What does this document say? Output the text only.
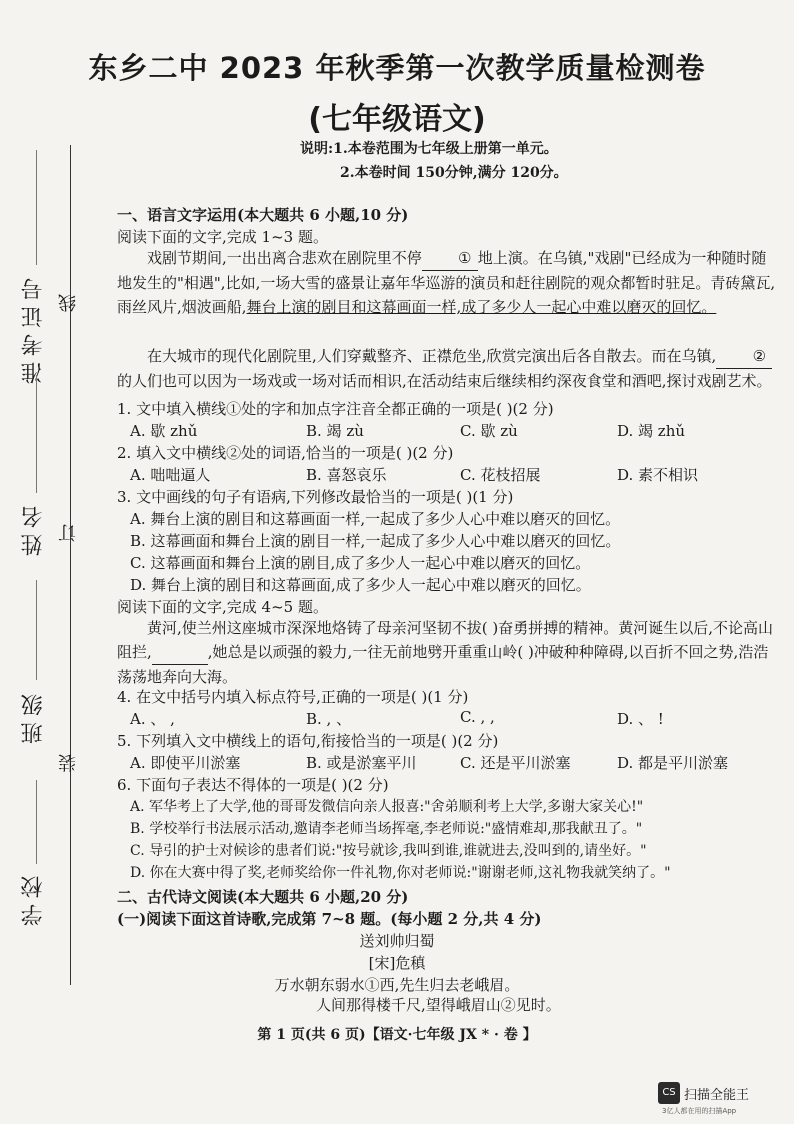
东乡二中 2023 年秋季第一次教学质量检测卷
(七年级语文)
说明:1.本卷范围为七年级上册第一单元。
2.本卷时间 150分钟,满分 120分。
准考证号 线
姓名 订
班级
装
学校
一、语言文字运用(本大题共 6 小题,10 分)
阅读下面的文字,完成 1~3 题。
戏剧节期间,一出出离合悲欢在剧院里不停 ① 地上演。在乌镇,"戏剧"已经成为一种随时随地发生的"相遇",比如,一场大雪的盛景让嘉年华巡游的演员和赶往剧院的观众都暂时驻足。青砖黛瓦,雨丝风片,烟波画船,舞台上演的剧目和这幕画面一样,成了多少人一起心中难以磨灭的回忆。
在大城市的现代化剧院里,人们穿戴整齐、正襟危坐,欣赏完演出后各自散去。而在乌镇, ②的人们也可以因为一场戏或一场对话而相识,在活动结束后继续相约深夜食堂和酒吧,探讨戏剧艺术。
1. 文中填入横线①处的字和加点字注音全都正确的一项是( )(2 分)
A. 歇 zhǔ	B. 竭 zù	C. 歇 zù	D. 竭 zhǔ
2. 填入文中横线②处的词语,恰当的一项是( )(2 分)
A. 咄咄逼人	B. 喜怒哀乐	C. 花枝招展	D. 素不相识
3. 文中画线的句子有语病,下列修改最恰当的一项是( )(1 分)
A. 舞台上演的剧目和这幕画面一样,一起成了多少人心中难以磨灭的回忆。
B. 这幕画面和舞台上演的剧目一样,一起成了多少人心中难以磨灭的回忆。
C. 这幕画面和舞台上演的剧目,成了多少人一起心中难以磨灭的回忆。
D. 舞台上演的剧目和这幕画面,成了多少人一起心中难以磨灭的回忆。
阅读下面的文字,完成 4~5 题。
黄河,使兰州这座城市深深地烙铸了母亲河坚韧不拔( )奋勇拼搏的精神。黄河诞生以后,不论高山阻拦,	,她总是以顽强的毅力,一往无前地劈开重重山岭( )冲破种种障碍,以百折不回之势,浩浩荡荡地奔向大海。
4. 在文中括号内填入标点符号,正确的一项是( )(1 分)
A. 、 ,	B. , 、	C. , ,	D. 、 !
5. 下列填入文中横线上的语句,衔接恰当的一项是( )(2 分)
A. 即使平川淤塞	B. 或是淤塞平川	C. 还是平川淤塞	D. 都是平川淤塞
6. 下面句子表达不得体的一项是( )(2 分)
A. 军华考上了大学,他的哥哥发微信向亲人报喜:"舍弟顺利考上大学,多谢大家关心!"
B. 学校举行书法展示活动,邀请李老师当场挥毫,李老师说:"盛情难却,那我献丑了。"
C. 导引的护士对候诊的患者们说:"按号就诊,我叫到谁,谁就进去,没叫到的,请坐好。"
D. 你在大赛中得了奖,老师奖给你一件礼物,你对老师说:"谢谢老师,这礼物我就笑纳了。"
二、古代诗文阅读(本大题共 6 小题,20 分)
(一)阅读下面这首诗歌,完成第 7~8 题。(每小题 2 分,共 4 分)
送刘帅归蜀
[宋]危稹
万水朝东弱水①西,先生归去老峨眉。
人间那得楼千尺,望得峨眉山②见时。
第 1 页(共 6 页)【语文·七年级 JX * · 卷 】
CS 扫描全能王
3亿人都在用的扫描App
